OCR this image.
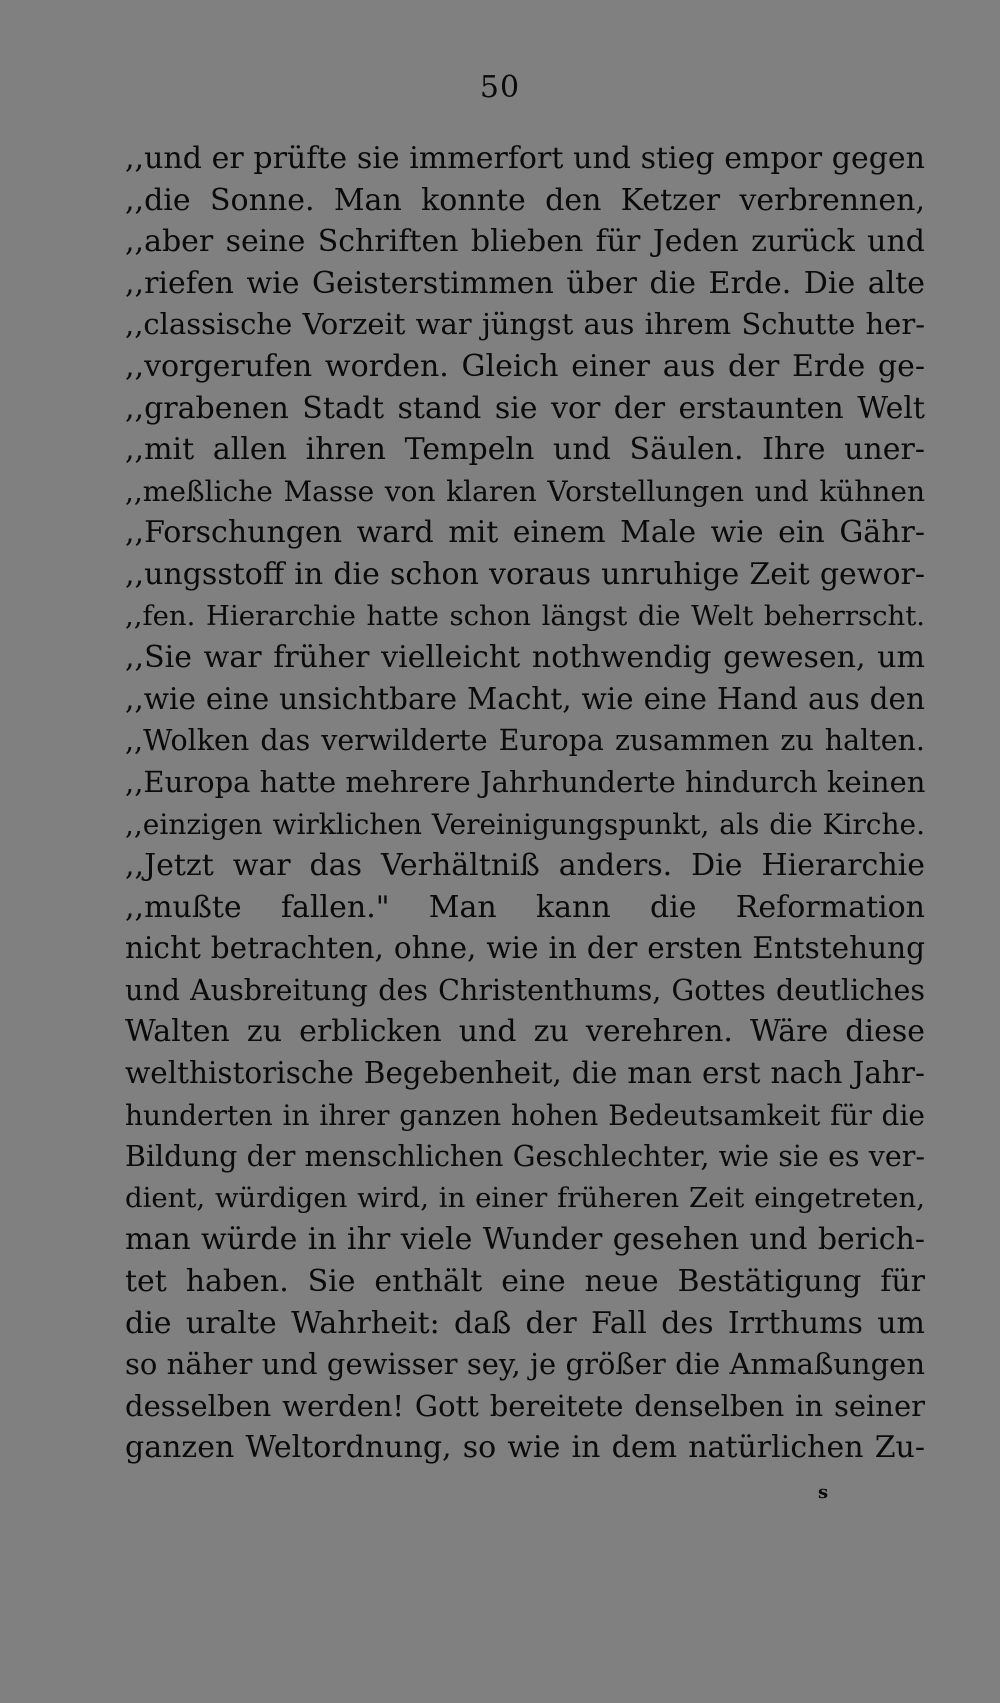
50
,,und er prüfte sie immerfort und stieg empor gegen
,,die Sonne. Man konnte den Ketzer verbrennen,
,,aber seine Schriften blieben für Jeden zurück und
,,riefen wie Geisterstimmen über die Erde. Die alte
,,classische Vorzeit war jüngst aus ihrem Schutte her-
,,vorgerufen worden. Gleich einer aus der Erde ge-
,,grabenen Stadt stand sie vor der erstaunten Welt
,,mit allen ihren Tempeln und Säulen. Ihre uner-
,,meßliche Masse von klaren Vorstellungen und kühnen
,,Forschungen ward mit einem Male wie ein Gähr-
,,ungsstoff in die schon voraus unruhige Zeit gewor-
,,fen. Hierarchie hatte schon längst die Welt beherrscht.
,,Sie war früher vielleicht nothwendig gewesen, um
,,wie eine unsichtbare Macht, wie eine Hand aus den
,,Wolken das verwilderte Europa zusammen zu halten.
,,Europa hatte mehrere Jahrhunderte hindurch keinen
,,einzigen wirklichen Vereinigungspunkt, als die Kirche.
,,Jetzt war das Verhältniß anders. Die Hierarchie
,,mußte fallen." Man kann die Reformation
nicht betrachten, ohne, wie in der ersten Entstehung
und Ausbreitung des Christenthums, Gottes deutliches
Walten zu erblicken und zu verehren. Wäre diese
welthistorische Begebenheit, die man erst nach Jahr-
hunderten in ihrer ganzen hohen Bedeutsamkeit für die
Bildung der menschlichen Geschlechter, wie sie es ver-
dient, würdigen wird, in einer früheren Zeit eingetreten,
man würde in ihr viele Wunder gesehen und berich-
tet haben. Sie enthält eine neue Bestätigung für
die uralte Wahrheit: daß der Fall des Irrthums um
so näher und gewisser sey, je größer die Anmaßungen
desselben werden! Gott bereitete denselben in seiner
ganzen Weltordnung, so wie in dem natürlichen Zu-
s
